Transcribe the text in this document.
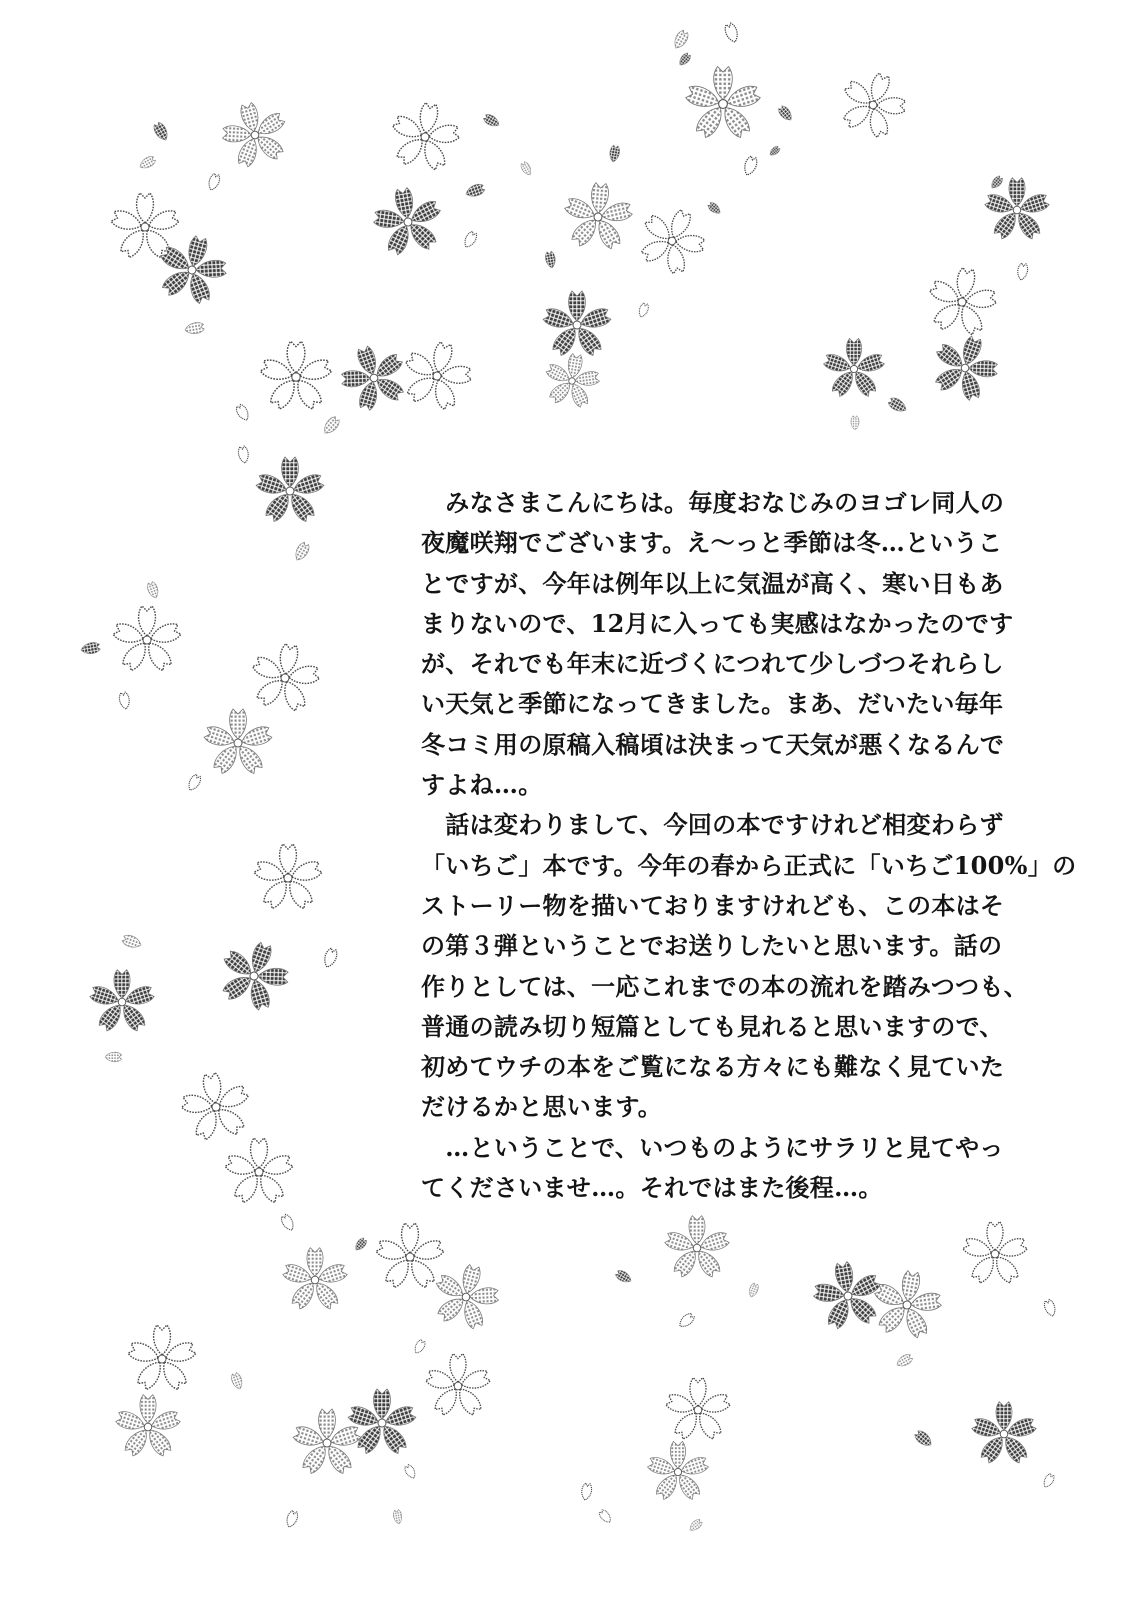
　みなさまこんにちは。毎度おなじみのヨゴレ同人の
夜魔咲翔でございます。え〜っと季節は冬…というこ
とですが、今年は例年以上に気温が高く、寒い日もあ
まりないので、12月に入っても実感はなかったのです
が、それでも年末に近づくにつれて少しづつそれらし
い天気と季節になってきました。まあ、だいたい毎年
冬コミ用の原稿入稿頃は決まって天気が悪くなるんで
すよね…。
　話は変わりまして、今回の本ですけれど相変わらず
「いちご」本です。今年の春から正式に「いちご100%」の
ストーリー物を描いておりますけれども、この本はそ
の第３弾ということでお送りしたいと思います。話の
作りとしては、一応これまでの本の流れを踏みつつも、
普通の読み切り短篇としても見れると思いますので、
初めてウチの本をご覧になる方々にも難なく見ていた
だけるかと思います。
　…ということで、いつものようにサラリと見てやっ
てくださいませ…。それではまた後程…。
